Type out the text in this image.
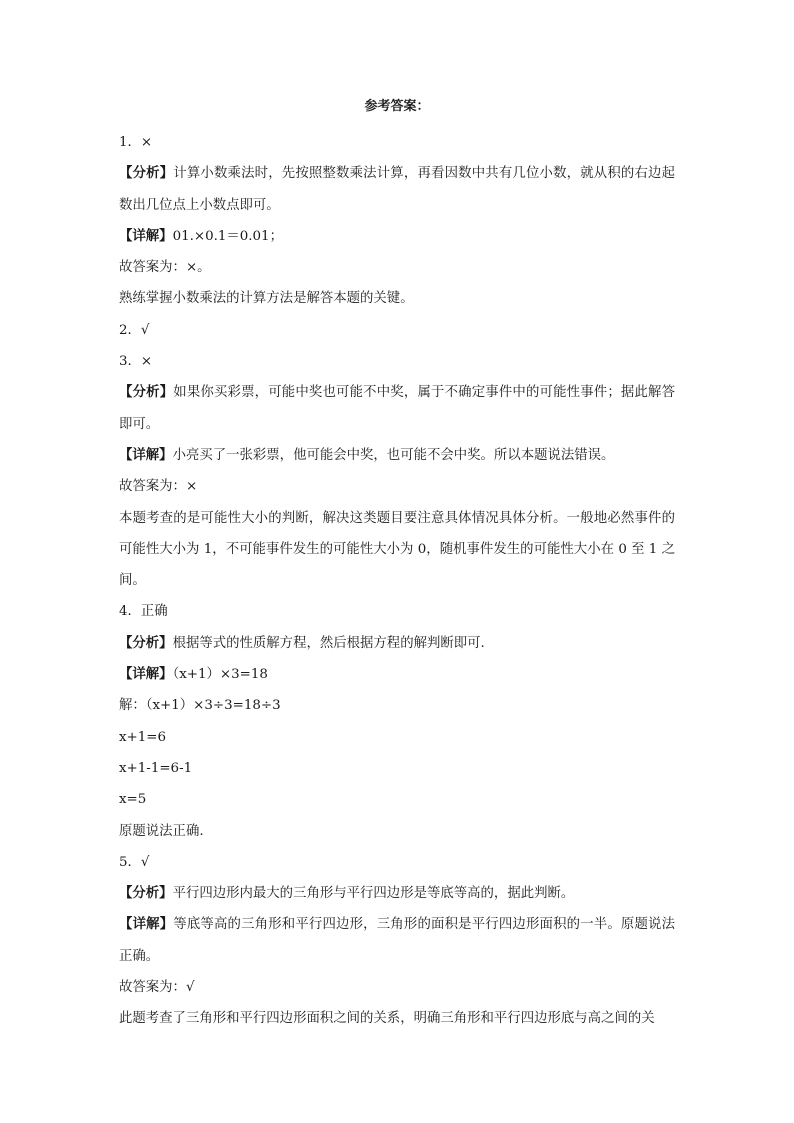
参考答案：
1．×
【分析】计算小数乘法时，先按照整数乘法计算，再看因数中共有几位小数，就从积的右边起数出几位点上小数点即可。
【详解】01.×0.1＝0.01；
故答案为：×。
熟练掌握小数乘法的计算方法是解答本题的关键。
2．√
3．×
【分析】如果你买彩票，可能中奖也可能不中奖，属于不确定事件中的可能性事件；据此解答即可。
【详解】小亮买了一张彩票，他可能会中奖，也可能不会中奖。所以本题说法错误。
故答案为：×
本题考查的是可能性大小的判断，解决这类题目要注意具体情况具体分析。一般地必然事件的可能性大小为 1，不可能事件发生的可能性大小为 0，随机事件发生的可能性大小在 0 至 1 之间。
4．正确
【分析】根据等式的性质解方程，然后根据方程的解判断即可.
【详解】（x+1）×3=18
解：（x+1）×3÷3=18÷3
x+1=6
x+1-1=6-1
x=5
原题说法正确.
5．√
【分析】平行四边形内最大的三角形与平行四边形是等底等高的，据此判断。
【详解】等底等高的三角形和平行四边形，三角形的面积是平行四边形面积的一半。原题说法正确。
故答案为：√
此题考查了三角形和平行四边形面积之间的关系，明确三角形和平行四边形底与高之间的关
